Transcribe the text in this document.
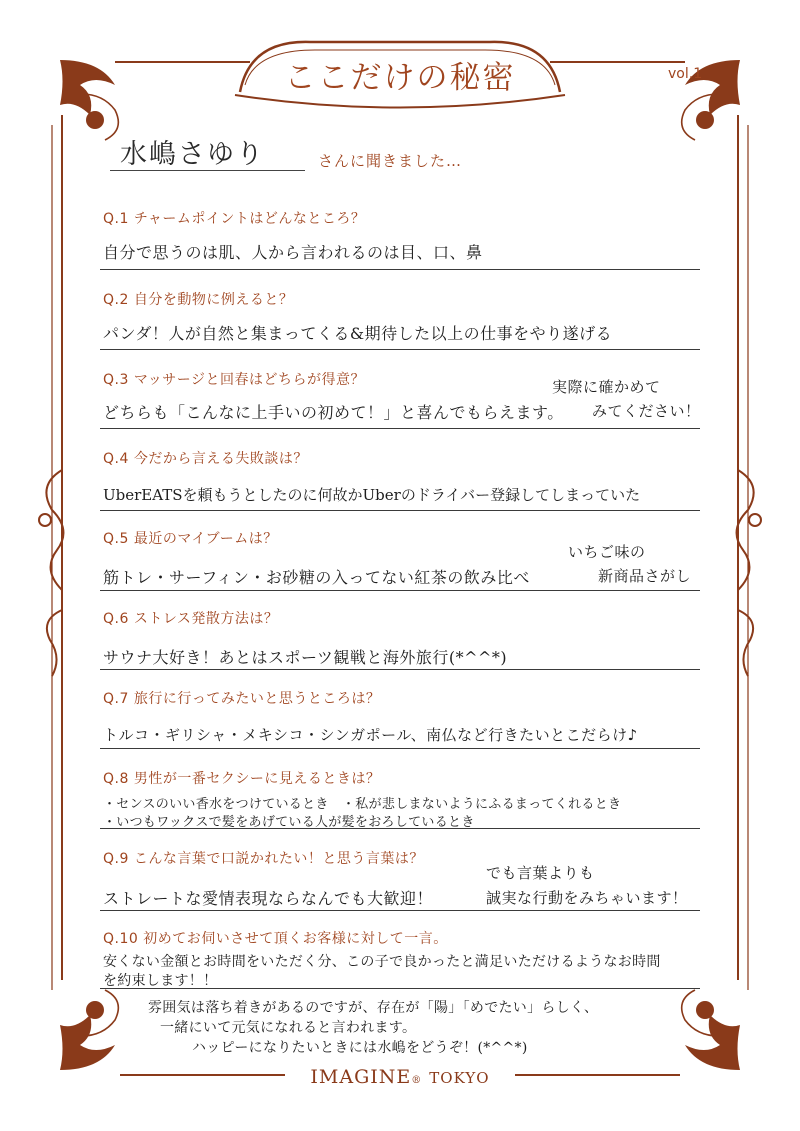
ここだけの秘密	vol.1
水嶋さゆり	さんに聞きました…
Q.1 チャームポイントはどんなところ？
自分で思うのは肌、人から言われるのは目、口、鼻
Q.2 自分を動物に例えると？
パンダ！人が自然と集まってくる&期待した以上の仕事をやり遂げる
Q.3 マッサージと回春はどちらが得意？
どちらも「こんなに上手いの初めて！」と喜んでもらえます。
実際に確かめて
みてください！
Q.4 今だから言える失敗談は？
UberEATSを頼もうとしたのに何故かUberのドライバー登録してしまっていた
Q.5 最近のマイブームは？
筋トレ・サーフィン・お砂糖の入ってない紅茶の飲み比べ
いちご味の
新商品さがし
Q.6 ストレス発散方法は？
サウナ大好き！あとはスポーツ観戦と海外旅行(*^^*)
Q.7 旅行に行ってみたいと思うところは？
トルコ・ギリシャ・メキシコ・シンガポール、南仏など行きたいとこだらけ♪
Q.8 男性が一番セクシーに見えるときは？
・センスのいい香水をつけているとき　・私が悲しまないようにふるまってくれるとき
・いつもワックスで髪をあげている人が髪をおろしているとき
Q.9 こんな言葉で口説かれたい！と思う言葉は？
ストレートな愛情表現ならなんでも大歓迎！
でも言葉よりも
誠実な行動をみちゃいます！
Q.10 初めてお伺いさせて頂くお客様に対して一言。
安くない金額とお時間をいただく分、この子で良かったと満足いただけるようなお時間
を約束します！！
雰囲気は落ち着きがあるのですが、存在が「陽」「めでたい」らしく、
一緒にいて元気になれると言われます。
ハッピーになりたいときには水嶋をどうぞ！(*^^*)
IMAGINE® TOKYO
